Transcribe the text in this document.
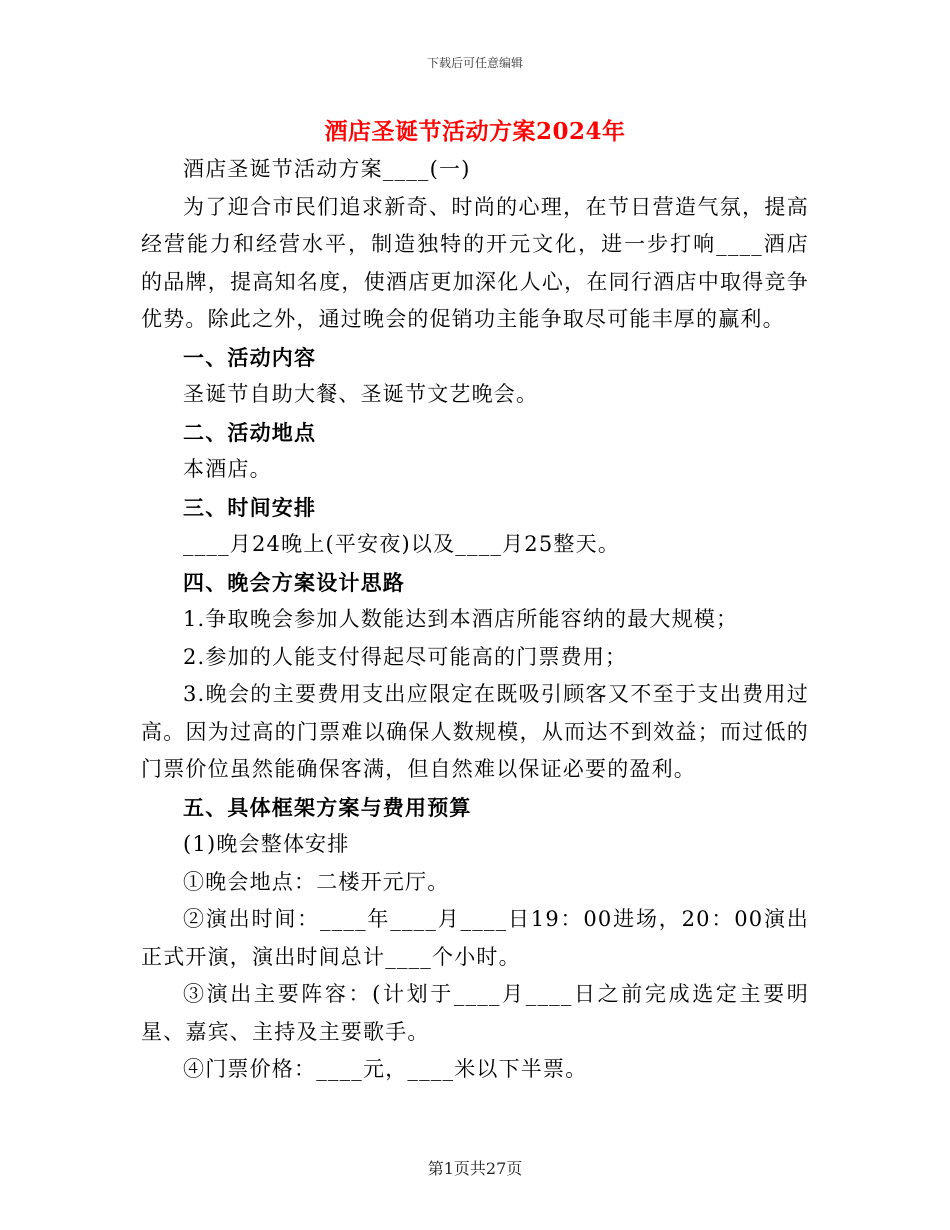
下载后可任意编辑
酒店圣诞节活动方案2024年

酒店圣诞节活动方案____(一)

为了迎合市民们追求新奇、时尚的心理，在节日营造气氛，提高经营能力和经营水平，制造独特的开元文化，进一步打响____酒店的品牌，提高知名度，使酒店更加深化人心，在同行酒店中取得竞争优势。除此之外，通过晚会的促销功主能争取尽可能丰厚的赢利。

一、活动内容

圣诞节自助大餐、圣诞节文艺晚会。

二、活动地点

本酒店。

三、时间安排

____月24晚上(平安夜)以及____月25整天。

四、晚会方案设计思路

1.争取晚会参加人数能达到本酒店所能容纳的最大规模；

2.参加的人能支付得起尽可能高的门票费用；

3.晚会的主要费用支出应限定在既吸引顾客又不至于支出费用过高。因为过高的门票难以确保人数规模，从而达不到效益；而过低的门票价位虽然能确保客满，但自然难以保证必要的盈利。

五、具体框架方案与费用预算

(1)晚会整体安排

①晚会地点：二楼开元厅。

②演出时间：____年____月____日19：00进场，20：00演出正式开演，演出时间总计____个小时。

③演出主要阵容：(计划于____月____日之前完成选定主要明星、嘉宾、主持及主要歌手。

④门票价格：____元，____米以下半票。

第1页共27页
